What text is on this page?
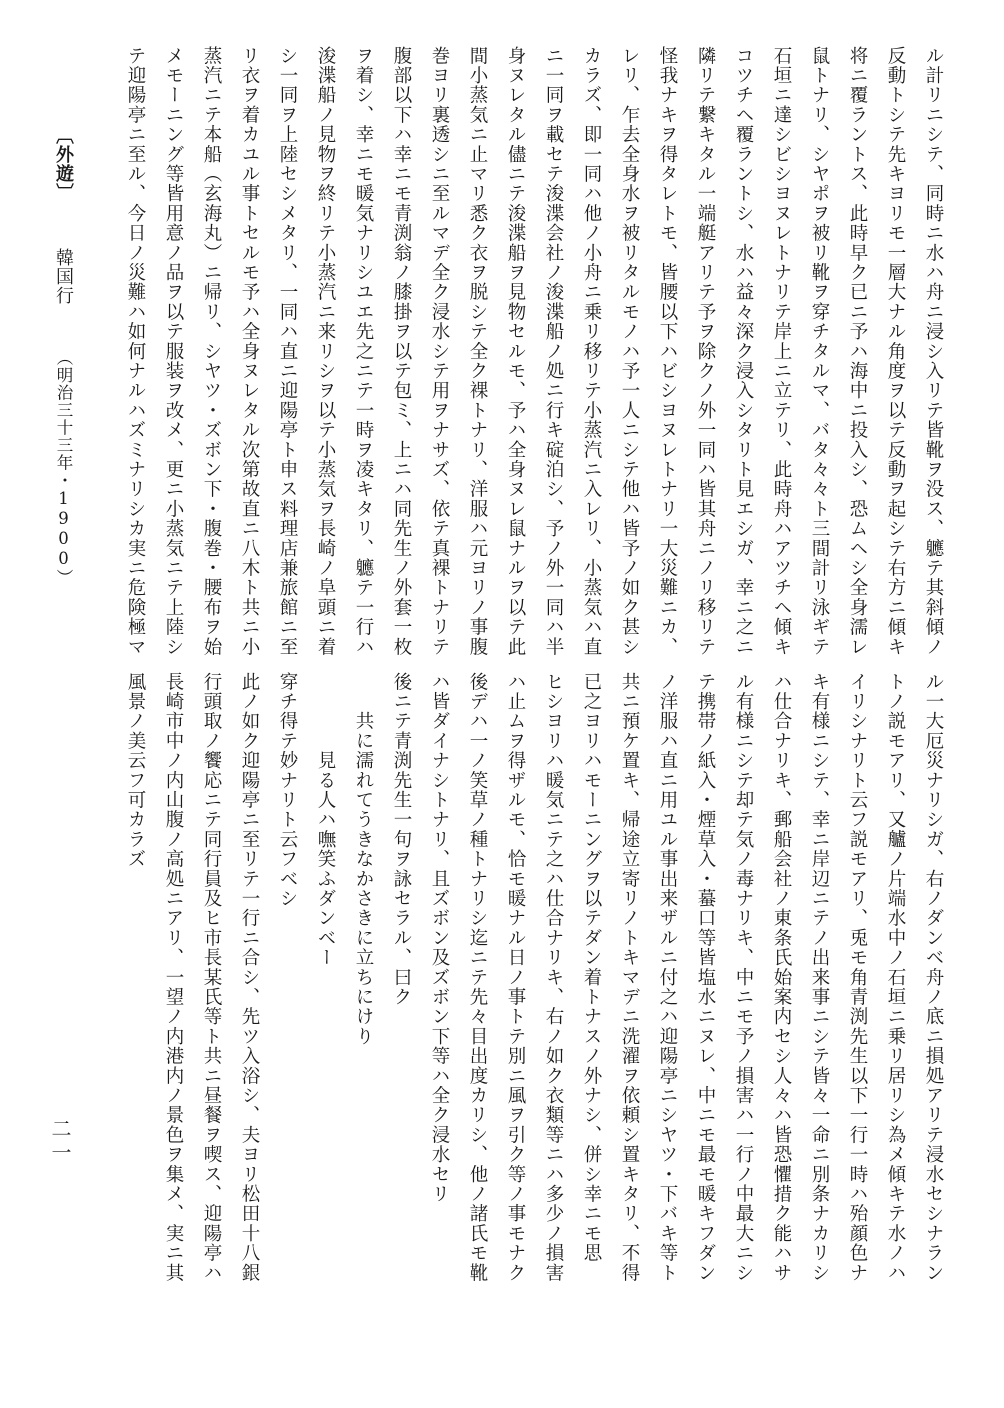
ル計リニシテ、同時ニ水ハ舟ニ浸シ入リテ皆靴ヲ没ス、軈テ其斜傾ノ
反動トシテ先キヨリモ一層大ナル角度ヲ以テ反動ヲ起シテ右方ニ傾キ
将ニ覆ラントス、此時早ク已ニ予ハ海中ニ投入シ、恐ムヘシ全身濡レ
鼠トナリ、シヤポヲ被リ靴ヲ穿チタルマ、バタ々々ト三間計リ泳ギテ
石垣ニ達シビシヨヌレトナリテ岸上ニ立テリ、此時舟ハアツチヘ傾キ
コツチヘ覆ラントシ、水ハ益々深ク浸入シタリト見エシガ、幸ニ之ニ
隣リテ繋キタル一端艇アリテ予ヲ除クノ外一同ハ皆其舟ニノリ移リテ
怪我ナキヲ得タレトモ、皆腰以下ハビシヨヌレトナリ一大災難ニカ、
レリ、乍去全身水ヲ被リタルモノハ予一人ニシテ他ハ皆予ノ如ク甚シ
カラズ、即一同ハ他ノ小舟ニ乗リ移リテ小蒸汽ニ入レリ、小蒸気ハ直
ニ一同ヲ載セテ浚渫会社ノ浚渫船ノ処ニ行キ碇泊シ、予ノ外一同ハ半
身ヌレタル儘ニテ浚渫船ヲ見物セルモ、予ハ全身ヌレ鼠ナルヲ以テ此
間小蒸気ニ止マリ悉ク衣ヲ脱シテ全ク裸トナリ、洋服ハ元ヨリノ事腹
巻ヨリ裏透シニ至ルマデ全ク浸水シテ用ヲナサズ、依テ真裸トナリテ
腹部以下ハ幸ニモ青渕翁ノ膝掛ヲ以テ包ミ、上ニハ同先生ノ外套一枚
ヲ着シ、幸ニモ暖気ナリシユエ先之ニテ一時ヲ凌キタリ、軈テ一行ハ
浚渫船ノ見物ヲ終リテ小蒸汽ニ来リシヲ以テ小蒸気ヲ長崎ノ阜頭ニ着
シ一同ヲ上陸セシメタリ、一同ハ直ニ迎陽亭ト申ス料理店兼旅館ニ至
リ衣ヲ着カユル事トセルモ予ハ全身ヌレタル次第故直ニ八木ト共ニ小
蒸汽ニテ本船（玄海丸）ニ帰リ、シヤツ・ズボン下・腹巻・腰布ヲ始
メモーニング等皆用意ノ品ヲ以テ服装ヲ改メ、更ニ小蒸気ニテ上陸シ
テ迎陽亭ニ至ル、今日ノ災難ハ如何ナルハズミナリシカ実ニ危険極マ
〔外遊〕 韓国行 （明治三十三年・1900）
ル一大厄災ナリシガ、右ノダンベ舟ノ底ニ損処アリテ浸水セシナラン
トノ説モアリ、又艫ノ片端水中ノ石垣ニ乗リ居リシ為メ傾キテ水ノハ
イリシナリト云フ説モアリ、兎モ角青渕先生以下一行一時ハ殆顔色ナ
キ有様ニシテ、幸ニ岸辺ニテノ出来事ニシテ皆々一命ニ別条ナカリシ
ハ仕合ナリキ、郵船会社ノ東条氏始案内セシ人々ハ皆恐懼措ク能ハサ
ル有様ニシテ却テ気ノ毒ナリキ、中ニモ予ノ損害ハ一行ノ中最大ニシ
テ携帯ノ紙入・煙草入・蟇口等皆塩水ニヌレ、中ニモ最モ暖キフダン
ノ洋服ハ直ニ用ユル事出来ザルニ付之ハ迎陽亭ニシヤツ・下バキ等ト
共ニ預ケ置キ、帰途立寄リノトキマデニ洗濯ヲ依頼シ置キタリ、不得
已之ヨリハモーニングヲ以テダン着トナスノ外ナシ、併シ幸ニモ思
ヒシヨリハ暖気ニテ之ハ仕合ナリキ、右ノ如ク衣類等ニハ多少ノ損害
ハ止ムヲ得ザルモ、恰モ暖ナル日ノ事トテ別ニ風ヲ引ク等ノ事モナク
後デハ一ノ笑草ノ種トナリシ迄ニテ先々目出度カリシ、他ノ諸氏モ靴
ハ皆ダイナシトナリ、且ズボン及ズボン下等ハ全ク浸水セリ
後ニテ青渕先生一句ヲ詠セラル、曰ク
　　共に濡れてうきなかさきに立ちにけり
　　　　見る人ハ嘸笑ふダンベー
穿チ得テ妙ナリト云フベシ
此ノ如ク迎陽亭ニ至リテ一行ニ合シ、先ツ入浴シ、夫ヨリ松田十八銀
行頭取ノ饗応ニテ同行員及ヒ市長某氏等ト共ニ昼餐ヲ喫ス、迎陽亭ハ
長崎市中ノ内山腹ノ高処ニアリ、一望ノ内港内ノ景色ヲ集メ、実ニ其
風景ノ美云フ可カラズ
二一
